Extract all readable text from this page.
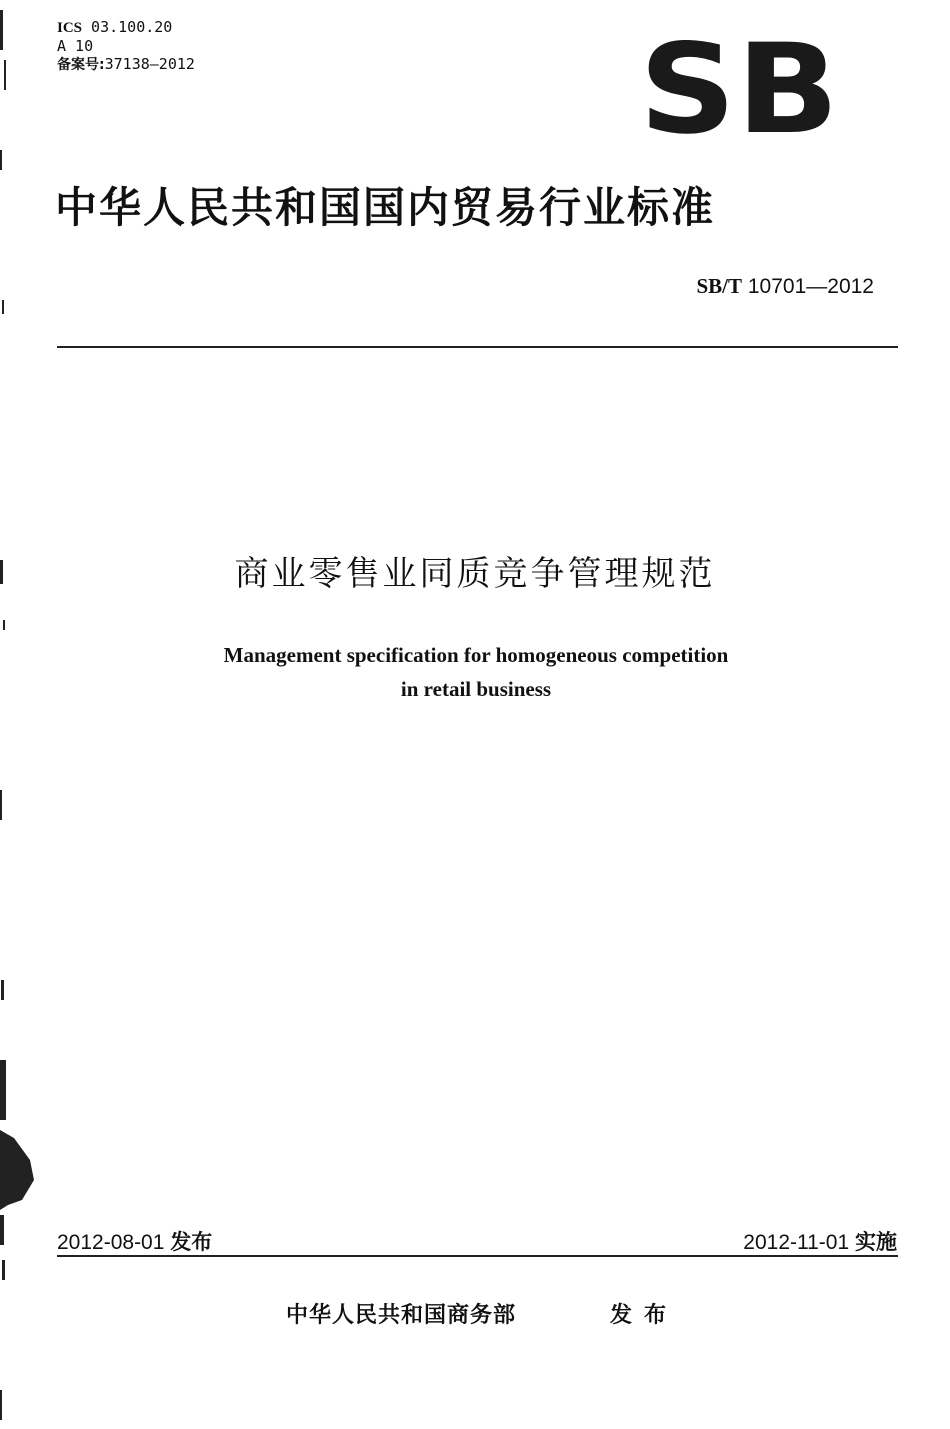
ICS 03.100.20
A 10
备案号:37138—2012	SB
中华人民共和国国内贸易行业标准
SB/T 10701—2012
商业零售业同质竞争管理规范
Management specification for homogeneous competition
in retail business
2012-08-01 发布	2012-11-01 实施
中华人民共和国商务部	发布
